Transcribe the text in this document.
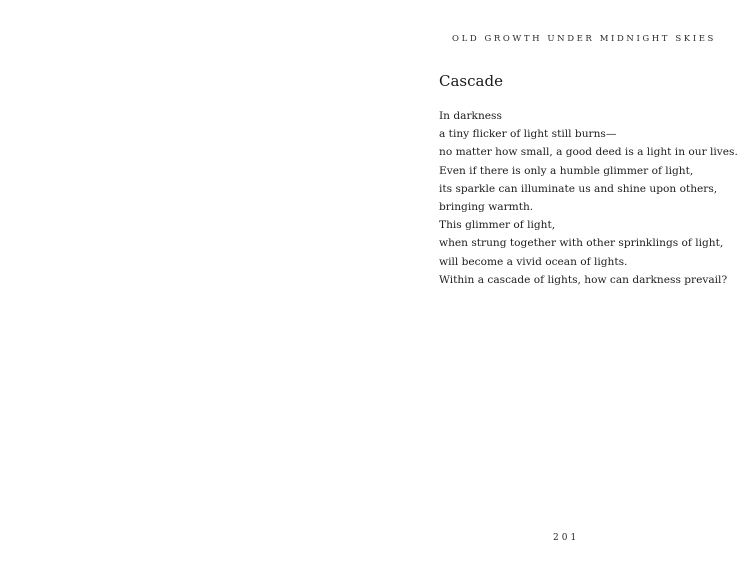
OLD GROWTH UNDER MIDNIGHT SKIES
Cascade
In darkness
a tiny flicker of light still burns—
no matter how small, a good deed is a light in our lives.
Even if there is only a humble glimmer of light,
its sparkle can illuminate us and shine upon others,
bringing warmth.
This glimmer of light,
when strung together with other sprinklings of light,
will become a vivid ocean of lights.
Within a cascade of lights, how can darkness prevail?
201
